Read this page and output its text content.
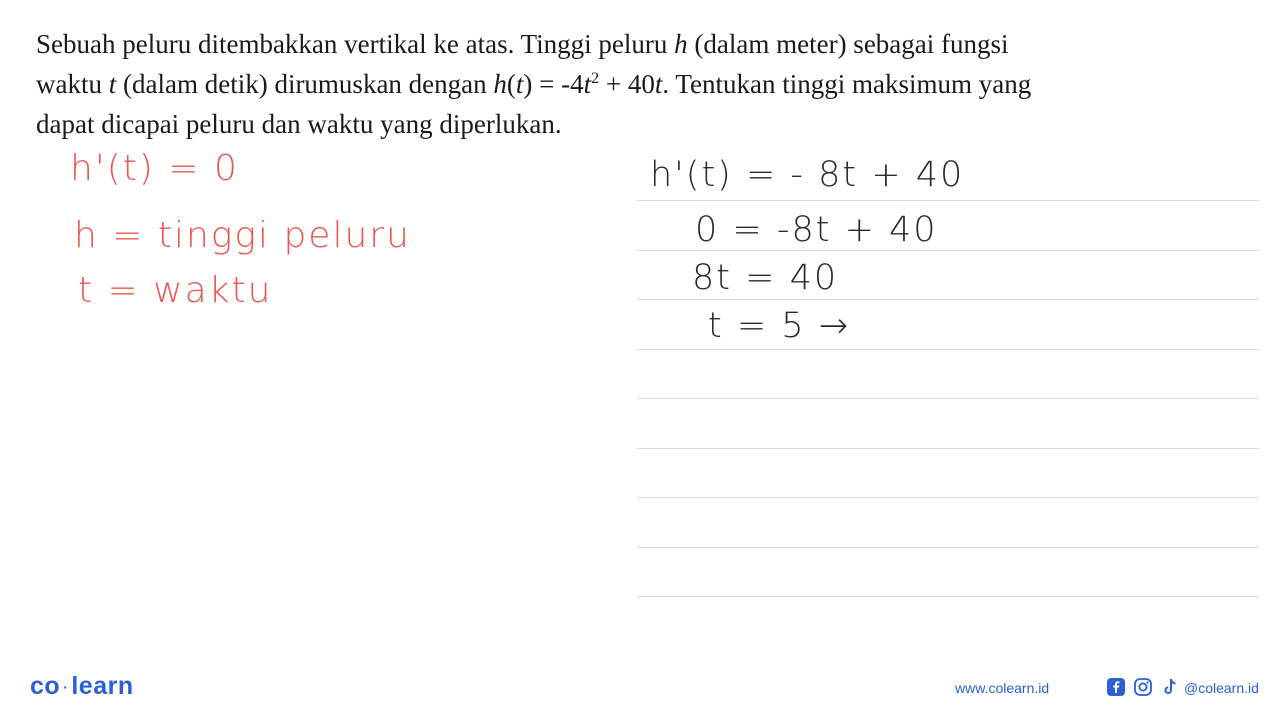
Sebuah peluru ditembakkan vertikal ke atas. Tinggi peluru h (dalam meter) sebagai fungsi waktu t (dalam detik) dirumuskan dengan $h(t) = -4t^2 + 40t$. Tentukan tinggi maksimum yang dapat dicapai peluru dan waktu yang diperlukan.
h'(t) = 0
h = tinggi peluru
t = waktu
h'(t) = - 8t + 40
0 = -8t + 40
8t = 40
t = 5 →
co · learn	www.colearn.id	@colearn.id
